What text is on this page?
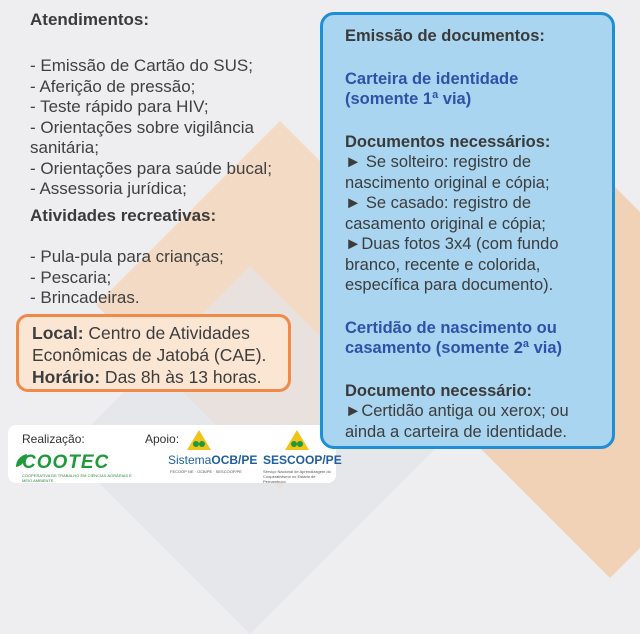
Atendimentos:

- Emissão de Cartão do SUS;
- Aferição de pressão;
- Teste rápido para HIV;
- Orientações sobre vigilância
sanitária;
- Orientações para saúde bucal;
- Assessoria jurídica;

Atividades recreativas:

- Pula-pula para crianças;
- Pescaria;
- Brincadeiras.
Local: Centro de Atividades
Econômicas de Jatobá (CAE).
Horário: Das 8h às 13 horas.
Realização:	Apoio:
COOTEC
COOPERATIVA DE TRABALHO EM CIÊNCIAS AGRÁRIAS E MEIO AMBIENTE
SistemaOCB/PE
FECOOP NE · OCB/PE · SESCOOP/PE
SESCOOP/PE
Serviço Nacional de Aprendizagem do Cooperativismo no Estado de Pernambuco

Emissão de documentos:

Carteira de identidade

(somente 1ª via)

Documentos necessários:

► Se solteiro: registro de

nascimento original e cópia;

► Se casado: registro de

casamento original e cópia;

►Duas fotos 3x4 (com fundo

branco, recente e colorida,

específica para documento).

Certidão de nascimento ou

casamento (somente 2ª via)

Documento necessário:

►Certidão antiga ou xerox; ou

ainda a carteira de identidade.
